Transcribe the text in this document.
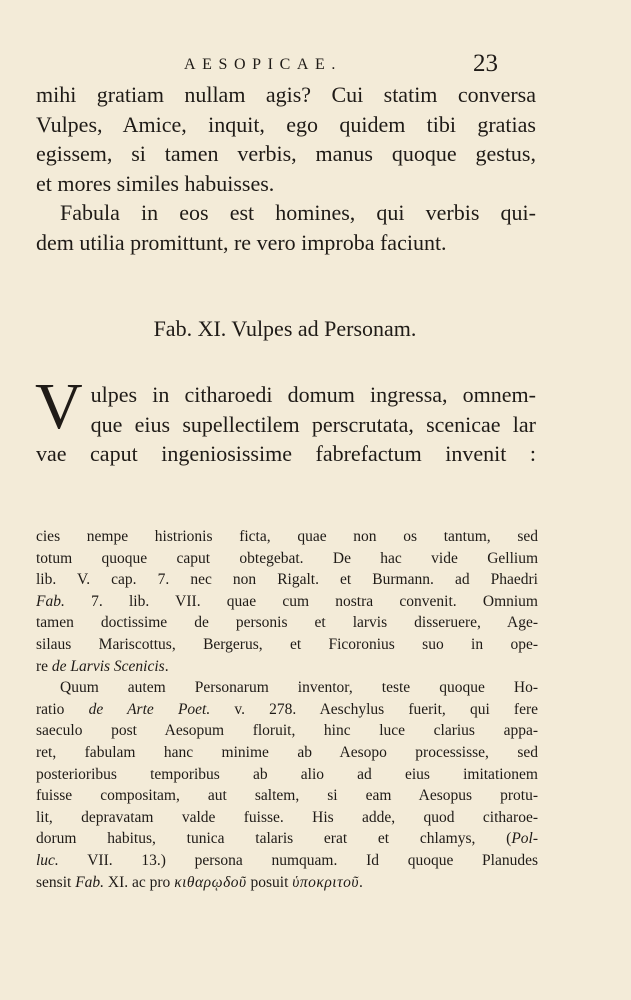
AESOPICAE.	23

mihi gratiam nullam agis? Cui statim conversa

Vulpes, Amice, inquit, ego quidem tibi gratias

egissem, si tamen verbis, manus quoque gestus,

et mores similes habuisses.

Fabula in eos est homines, qui verbis qui-

dem utilia promittunt, re vero improba faciunt.

Fab. XI. Vulpes ad Personam.
V ulpes in citharoedi domum ingressa, omnem-
que eius supellectilem perscrutata, scenicae lar
vae caput ingeniosissime fabrefactum invenit :
cies nempe histrionis ficta, quae non os tantum, sed
totum quoque caput obtegebat. De hac vide Gellium
lib. V. cap. 7. nec non Rigalt. et Burmann. ad Phaedri
Fab. 7. lib. VII. quae cum nostra convenit. Omnium
tamen doctissime de personis et larvis disseruere, Age-
silaus Mariscottus, Bergerus, et Ficoronius suo in ope-
re de Larvis Scenicis.
Quum autem Personarum inventor, teste quoque Ho-
ratio de Arte Poet. v. 278. Aeschylus fuerit, qui fere
saeculo post Aesopum floruit, hinc luce clarius appa-
ret, fabulam hanc minime ab Aesopo processisse, sed
posterioribus temporibus ab alio ad eius imitationem
fuisse compositam, aut saltem, si eam Aesopus protu-
lit, depravatam valde fuisse. His adde, quod citharoe-
dorum habitus, tunica talaris erat et chlamys, (Pol-
luc. VII. 13.) persona numquam. Id quoque Planudes
sensit Fab. XI. ac pro κιθαρῳδοῦ posuit ὑποκριτοῦ.
